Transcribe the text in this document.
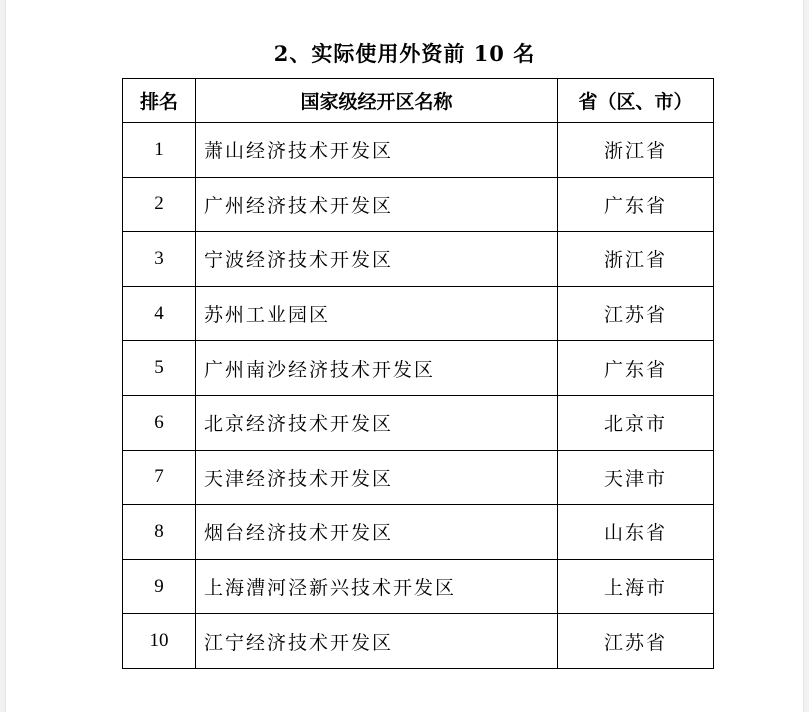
2、实际使用外资前 10 名
排名	国家级经开区名称	省（区、市）
1	萧山经济技术开发区	浙江省
2	广州经济技术开发区	广东省
3	宁波经济技术开发区	浙江省
4	苏州工业园区	江苏省
5	广州南沙经济技术开发区	广东省
6	北京经济技术开发区	北京市
7	天津经济技术开发区	天津市
8	烟台经济技术开发区	山东省
9	上海漕河泾新兴技术开发区	上海市
10	江宁经济技术开发区	江苏省
